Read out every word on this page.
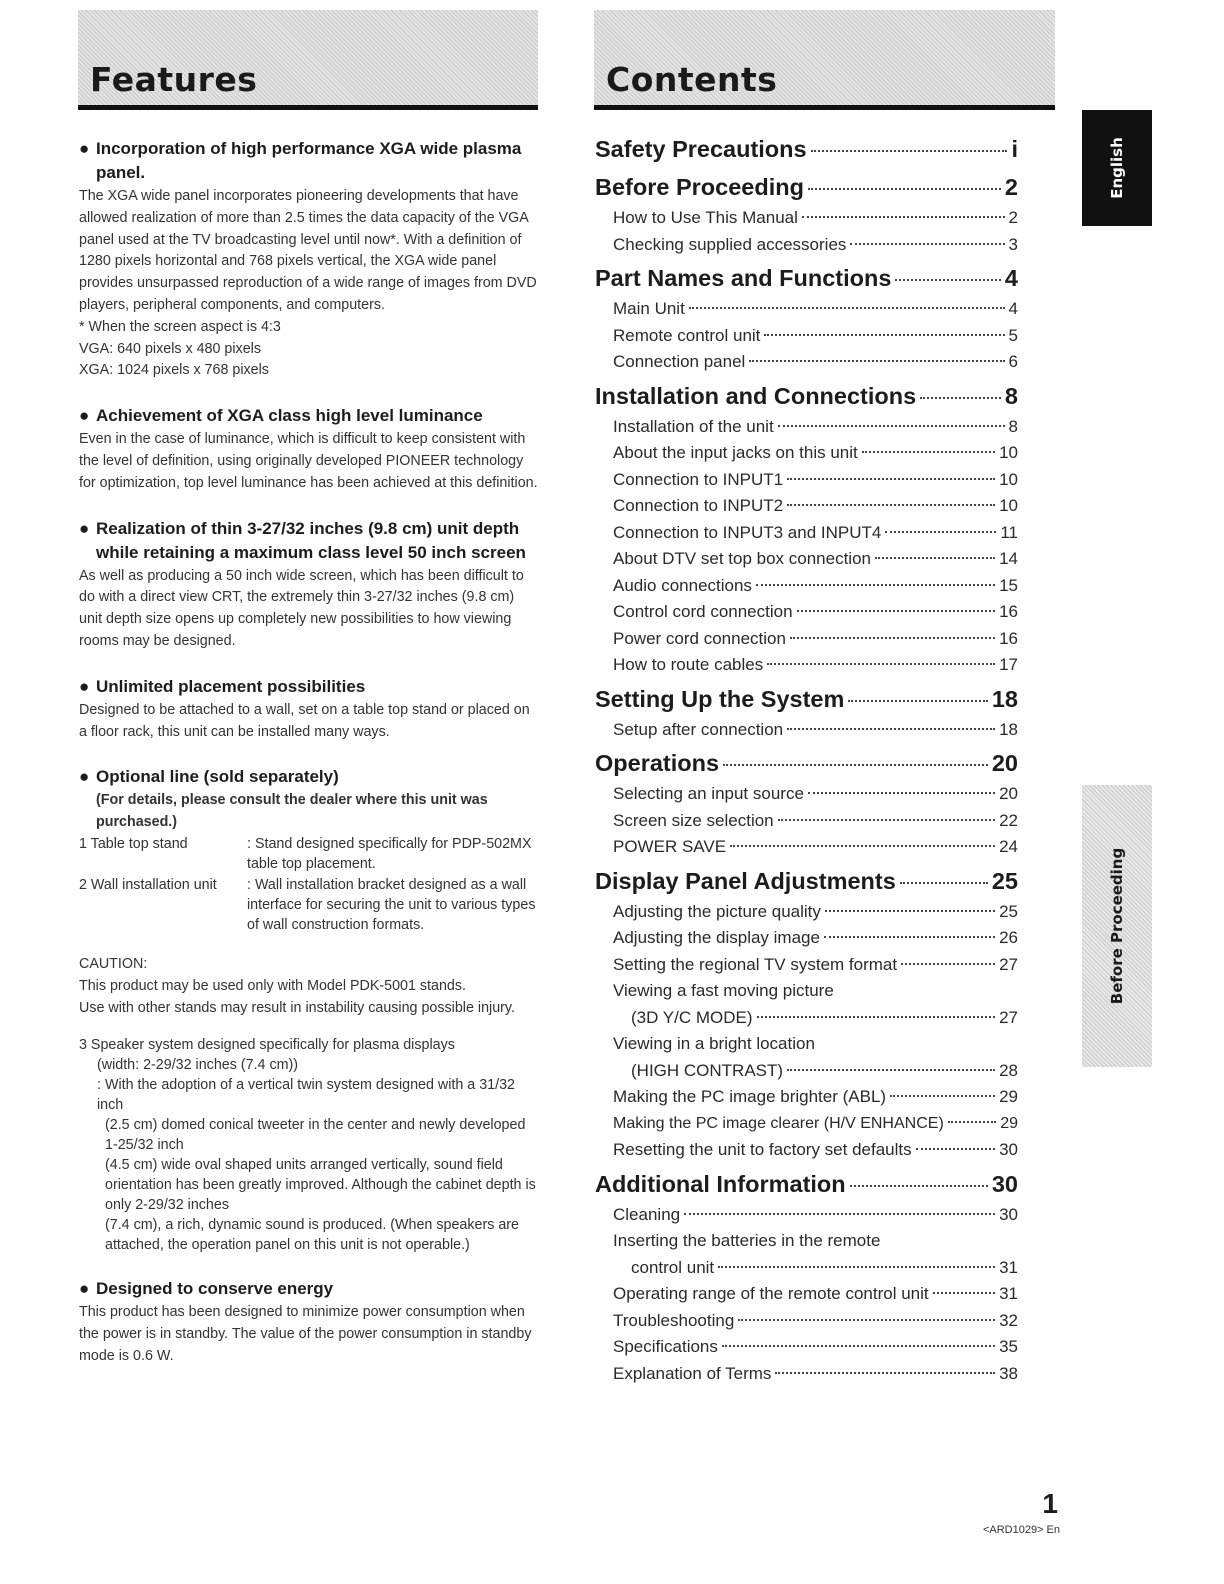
Features	Contents
● Incorporation of high performance XGA wide plasma panel.

The XGA wide panel incorporates pioneering developments that have allowed realization of more than 2.5 times the data capacity of the VGA panel used at the TV broadcasting level until now*. With a definition of 1280 pixels horizontal and 768 pixels vertical, the XGA wide panel provides unsurpassed reproduction of a wide range of images from DVD players, peripheral components, and computers.

* When the screen aspect is 4:3

VGA: 640 pixels x 480 pixels

XGA: 1024 pixels x 768 pixels

● Achievement of XGA class high level luminance

Even in the case of luminance, which is difficult to keep consistent with the level of definition, using originally developed PIONEER technology for optimization, top level luminance has been achieved at this definition.

● Realization of thin 3-27/32 inches (9.8 cm) unit depth while retaining a maximum class level 50 inch screen

As well as producing a 50 inch wide screen, which has been difficult to do with a direct view CRT, the extremely thin 3-27/32 inches (9.8 cm) unit depth size opens up completely new possibilities to how viewing rooms may be designed.

● Unlimited placement possibilities

Designed to be attached to a wall, set on a table top stand or placed on a floor rack, this unit can be installed many ways.

● Optional line (sold separately)

(For details, please consult the dealer where this unit was purchased.)

1 Table top stand	: Stand designed specifically for PDP-502MX table top placement.
2 Wall installation unit	: Wall installation bracket designed as a wall interface for securing the unit to various types of wall construction formats.
CAUTION:
This product may be used only with Model PDK-5001 stands.
Use with other stands may result in instability causing possible injury.
3 Speaker system designed specifically for plasma displays
(width: 2-29/32 inches (7.4 cm))
: With the adoption of a vertical twin system designed with a 31/32 inch
(2.5 cm) domed conical tweeter in the center and newly developed 1-25/32 inch
(4.5 cm) wide oval shaped units arranged vertically, sound field orientation has been greatly improved. Although the cabinet depth is only 2-29/32 inches
(7.4 cm), a rich, dynamic sound is produced. (When speakers are attached, the operation panel on this unit is not operable.)
● Designed to conserve energy

This product has been designed to minimize power consumption when the power is in standby. The value of the power consumption in standby mode is 0.6 W.

Safety Precautions	i
Before Proceeding	2
How to Use This Manual	2
Checking supplied accessories	3
Part Names and Functions	4
Main Unit	4
Remote control unit	5
Connection panel	6
Installation and Connections	8
Installation of the unit	8
About the input jacks on this unit	10
Connection to INPUT1	10
Connection to INPUT2	10
Connection to INPUT3 and INPUT4	11
About DTV set top box connection	14
Audio connections	15
Control cord connection	16
Power cord connection	16
How to route cables	17
Setting Up the System	18
Setup after connection	18
Operations	20
Selecting an input source	20
Screen size selection	22
POWER SAVE	24
Display Panel Adjustments	25
Adjusting the picture quality	25
Adjusting the display image	26
Setting the regional TV system format	27
Viewing a fast moving picture
(3D Y/C MODE)	27
Viewing in a bright location
(HIGH CONTRAST)	28
Making the PC image brighter (ABL)	29
Making the PC image clearer (H/V ENHANCE)	29
Resetting the unit to factory set defaults	30
Additional Information	30
Cleaning	30
Inserting the batteries in the remote
control unit	31
Operating range of the remote control unit	31
Troubleshooting	32
Specifications	35
Explanation of Terms	38
English
Before Proceeding
1
<ARD1029> En
